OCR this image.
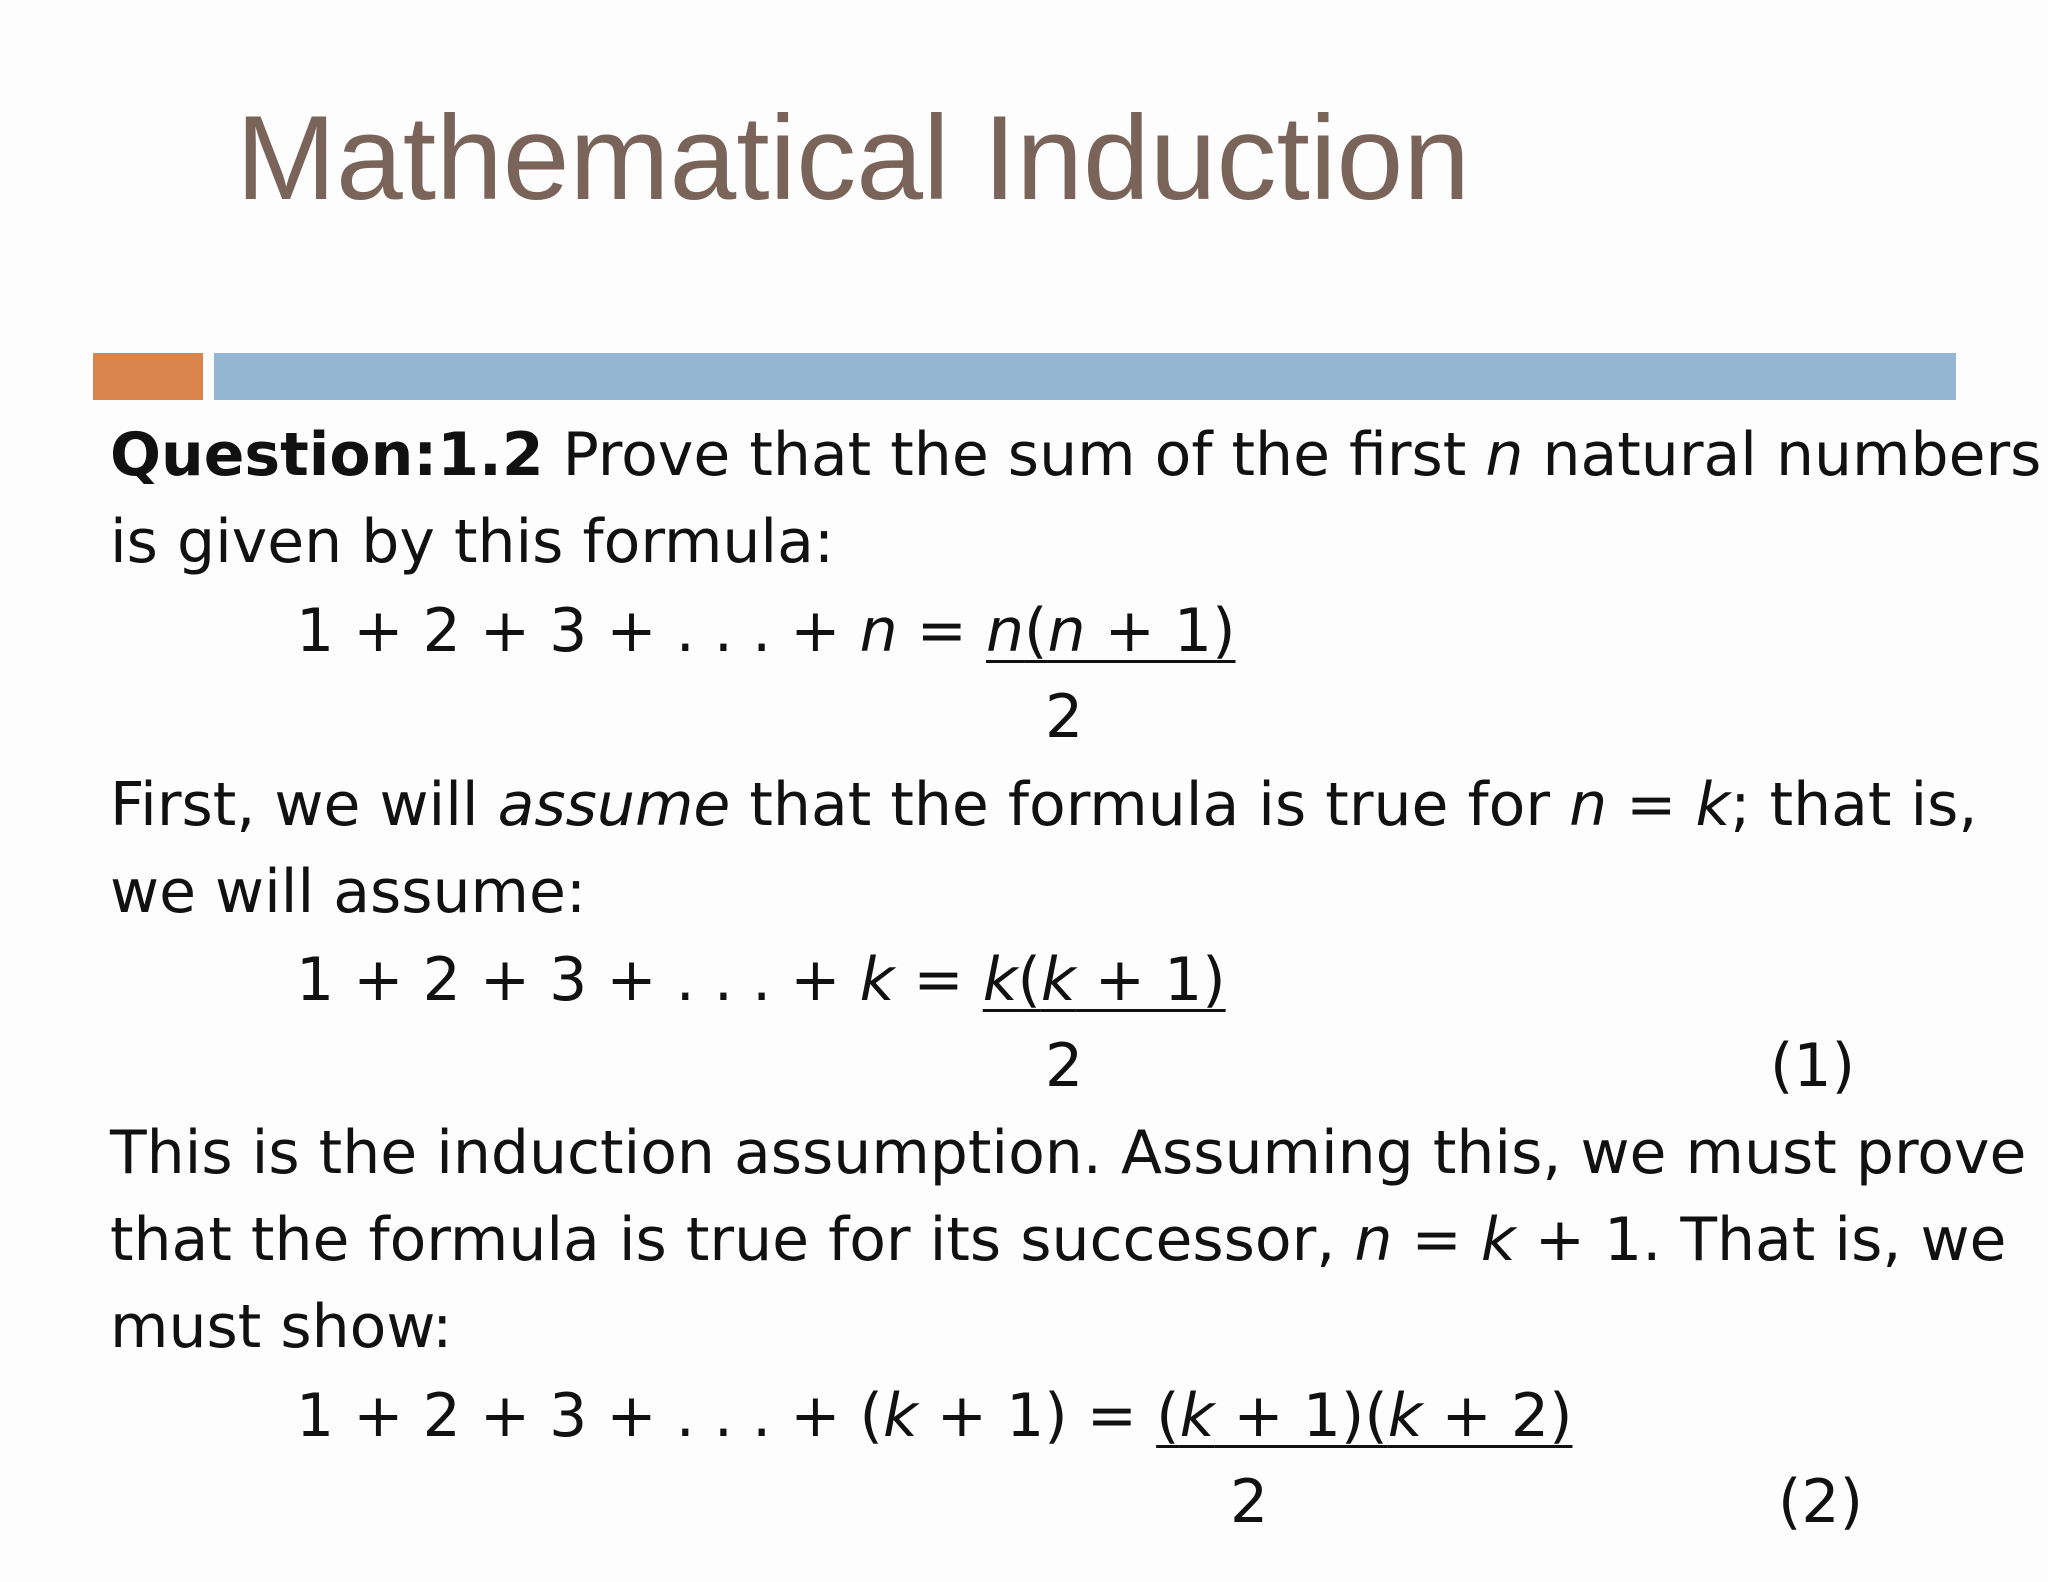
Mathematical Induction
Question:1.2 Prove that the sum of the first n natural numbers
is given by this formula:
1 + 2 + 3 + . . . + n = n(n + 1)
2
First, we will assume that the formula is true for n = k; that is,
we will assume:
1 + 2 + 3 + . . . + k = k(k + 1)
2	(1)
This is the induction assumption. Assuming this, we must prove
that the formula is true for its successor, n = k + 1. That is, we
must show:
1 + 2 + 3 + . . . + (k + 1) = (k + 1)(k + 2)
2	(2)
